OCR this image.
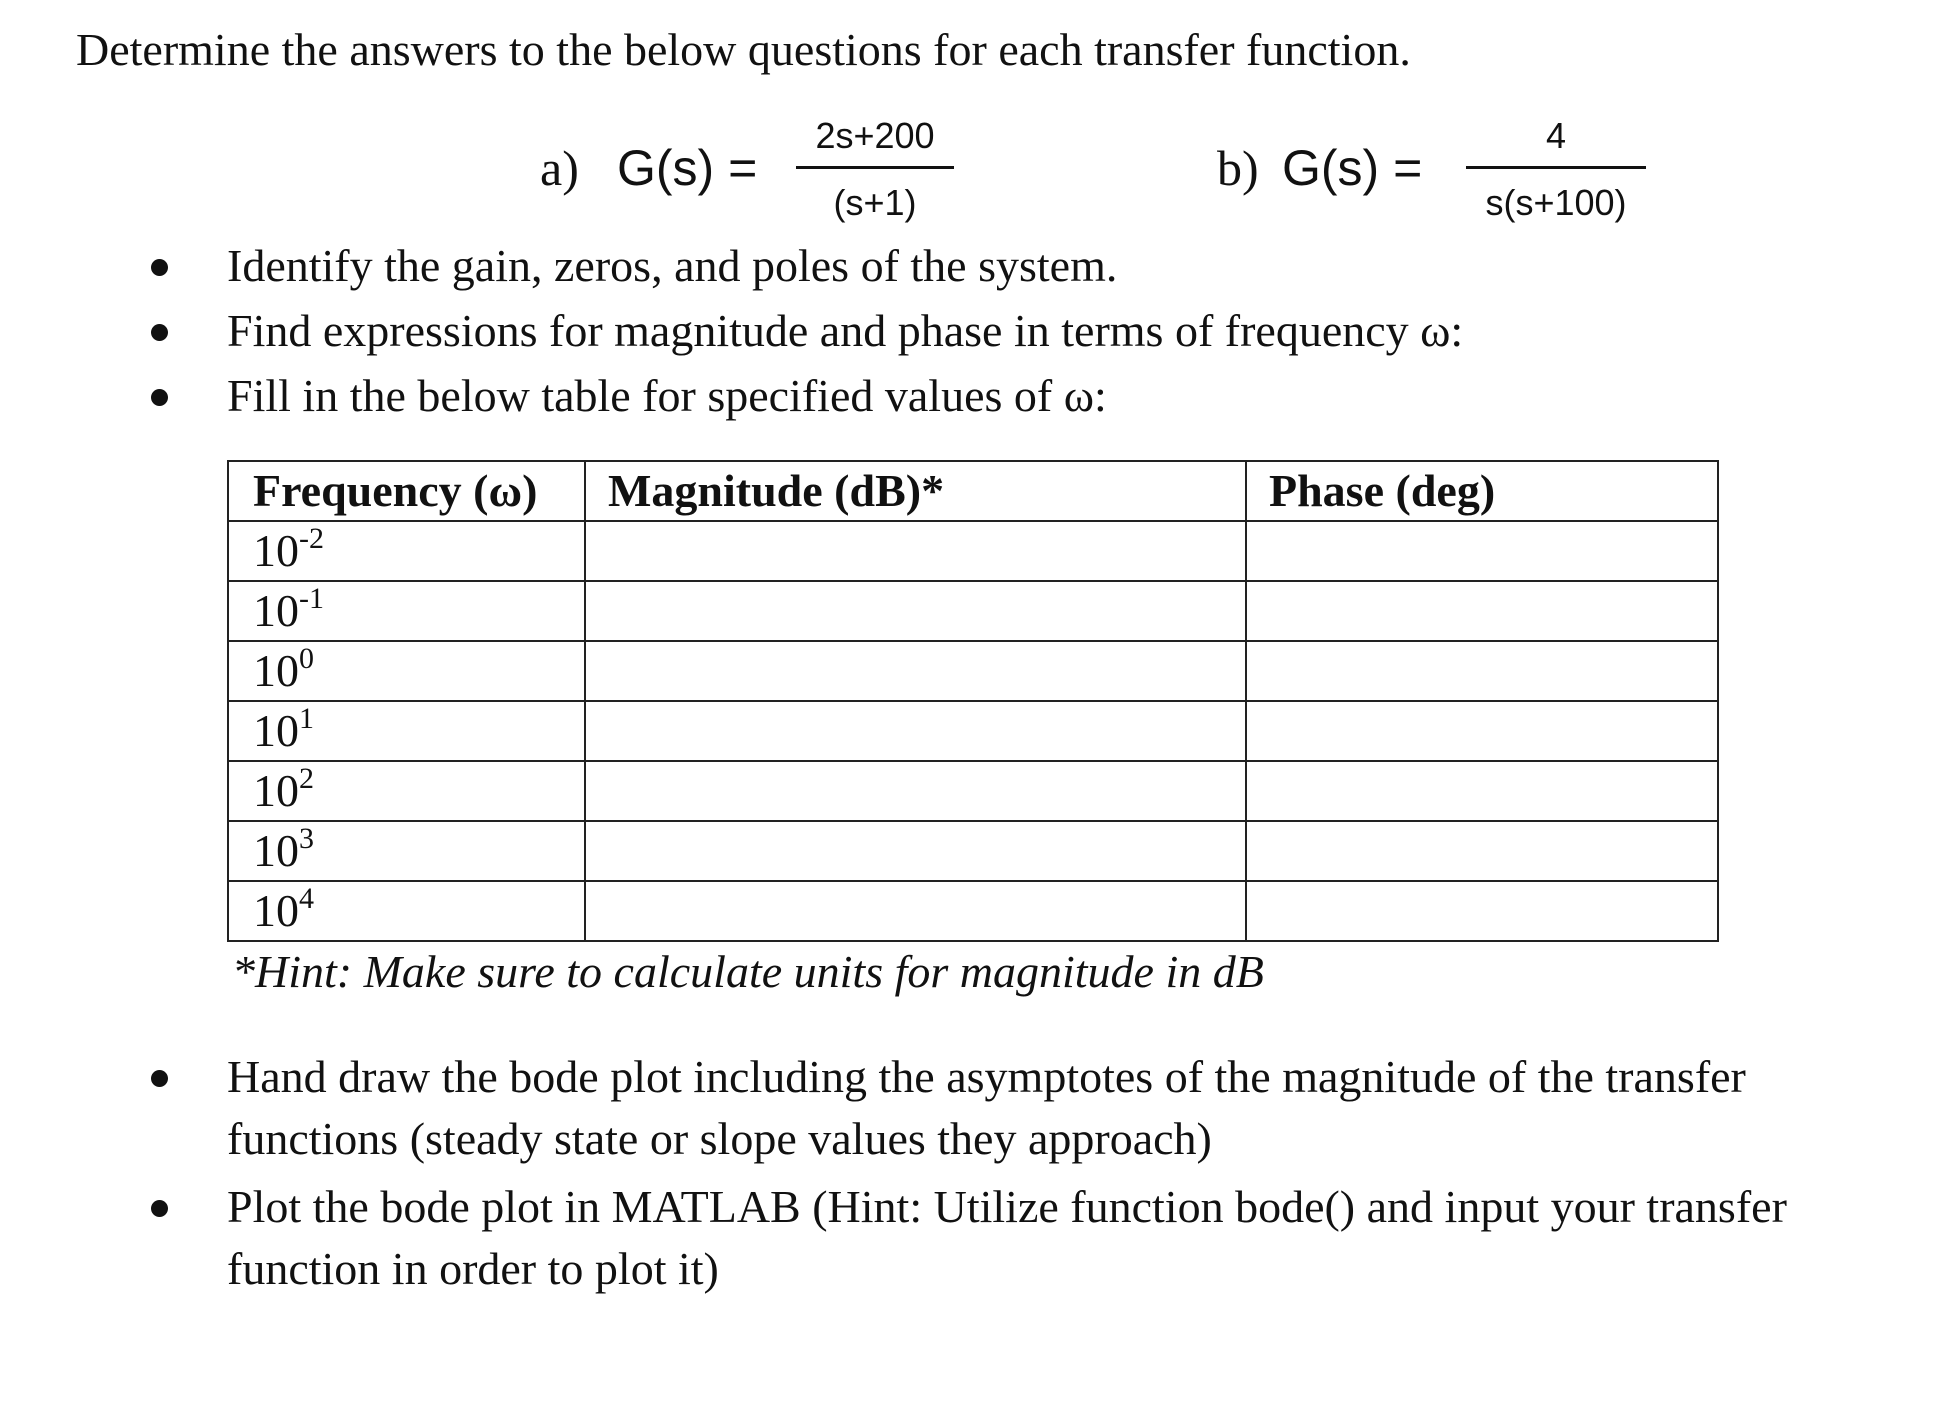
Determine the answers to the below questions for each transfer function.
a) G(s) =
2s+200
(s+1)
b) G(s) =
4
s(s+100)
Identify the gain, zeros, and poles of the system.
Find expressions for magnitude and phase in terms of frequency ω:
Fill in the below table for specified values of ω:
Frequency (ω)	Magnitude (dB)*	Phase (deg)
$10^{-2}$		
$10^{-1}$		
$10^0$		
$10^1$		
$10^2$		
$10^3$		
$10^4$		
*Hint: Make sure to calculate units for magnitude in dB
Hand draw the bode plot including the asymptotes of the magnitude of the transfer
functions (steady state or slope values they approach)
Plot the bode plot in MATLAB (Hint: Utilize function bode() and input your transfer
function in order to plot it)
